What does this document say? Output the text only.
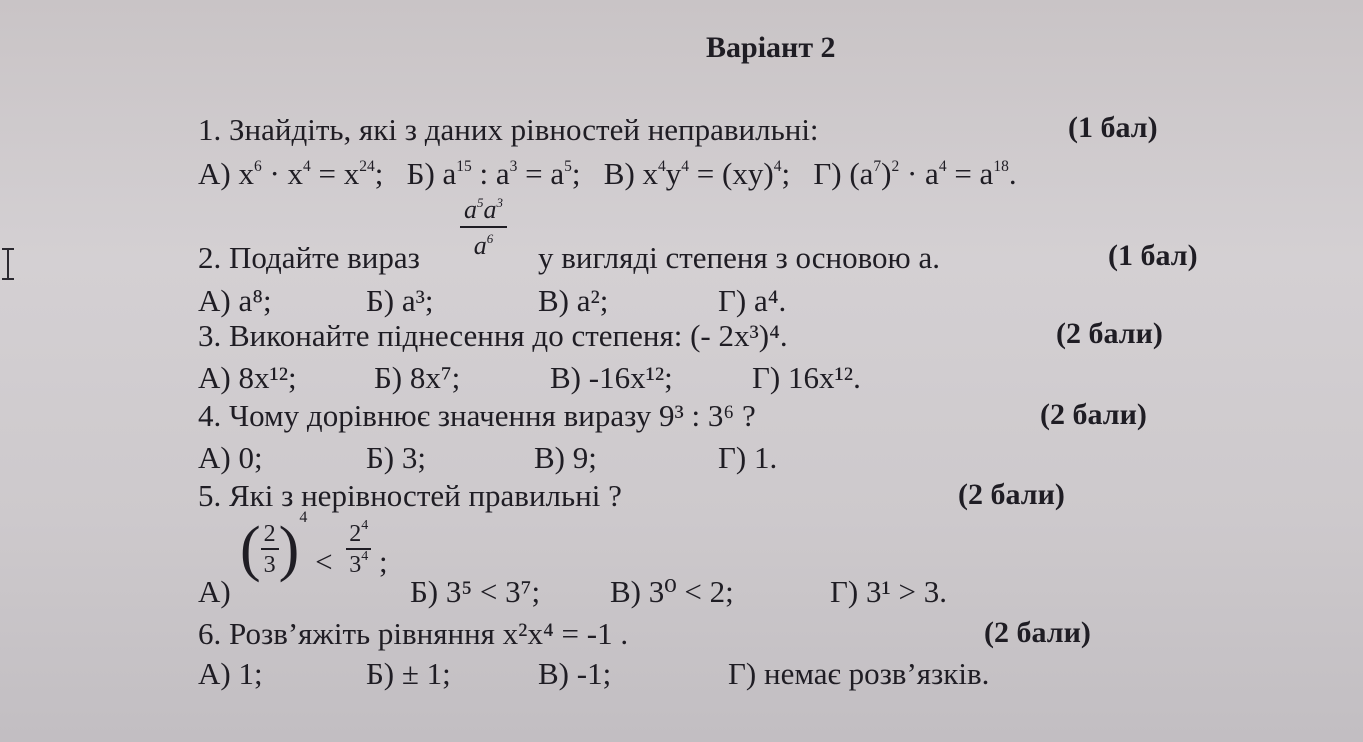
Варіант 2
1. Знайдіть, які з даних рівностей неправильні:	(1 бал)
А) $x^6 \cdot x^4 = x^{24}$;   Б) $a^{15}$ : $a^3 = a^5$;   В) $x^4y^4 = (xy)^4$;   Г) $(a^7)^2 \cdot a^4 = a^{18}$.
2. Подайте вираз $\frac{a^5a^3}{a^6}$ у вигляді степеня з основою а.	(1 бал)
А) a⁸;	Б) a³;	В) a²;	Г) a⁴.
3. Виконайте піднесення до степеня: (- 2x³)⁴.	(2 бали)
А) 8x¹²; Б) 8x⁷;	В) -16x¹²;	Г) 16x¹².
4. Чому дорівнює значення виразу 9³ : 3⁶ ?	(2 бали)
А) 0;	Б) 3;	В) 9;	Г) 1.
5. Які з нерівностей правильні ?	(2 бали)
А)
( $\frac{2}{3} )^4 < \frac{2^4}{3^4}$ ;
Б) 3⁵ < 3⁷; В) 3⁰ < 2;	Г) 3¹ > 3.
6. Розв’яжіть рівняння x²x⁴ = -1 .	(2 бали)
А) 1;	Б) ± 1;	В) -1;	Г) немає розв’язків.
